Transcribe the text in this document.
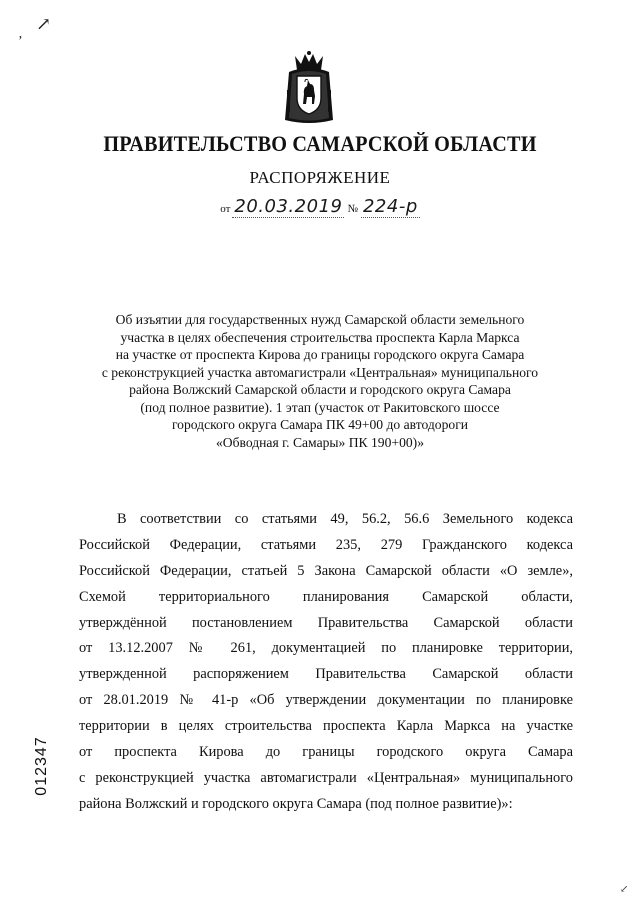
↗
ʼ
ПРАВИТЕЛЬСТВО САМАРСКОЙ ОБЛАСТИ
РАСПОРЯЖЕНИЕ
от 20.03.2019 № 224-р
Об изъятии для государственных нужд Самарской области земельного
участка в целях обеспечения строительства проспекта Карла Маркса
на участке от проспекта Кирова до границы городского округа Самара
с реконструкцией участка автомагистрали «Центральная» муниципального
района Волжский Самарской области и городского округа Самара
(под полное развитие). 1 этап (участок от Ракитовского шоссе
городского округа Самара ПК 49+00 до автодороги
«Обводная г. Самары» ПК 190+00)»
В соответствии со статьями 49, 56.2, 56.6 Земельного кодекса
Российской Федерации, статьями 235, 279 Гражданского кодекса
Российской Федерации, статьей 5 Закона Самарской области «О земле»,
Схемой территориального планирования Самарской области,
утверждённой постановлением Правительства Самарской области
от 13.12.2007 № 261, документацией по планировке территории,
утвержденной распоряжением Правительства Самарской области
от 28.01.2019 № 41-р «Об утверждении документации по планировке
территории в целях строительства проспекта Карла Маркса на участке
от проспекта Кирова до границы городского округа Самара
с реконструкцией участка автомагистрали «Центральная» муниципального
района Волжский и городского округа Самара (под полное развитие)»:
012347
↙
